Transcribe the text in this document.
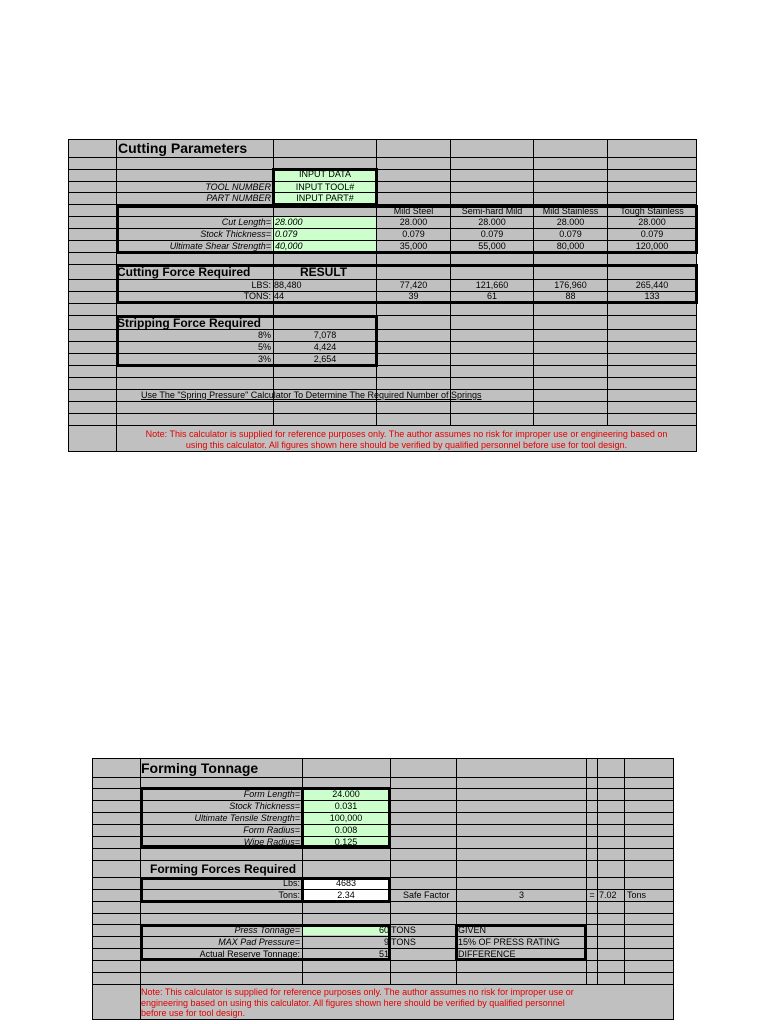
Cutting Parameters
INPUT DATA
TOOL NUMBER	INPUT TOOL#
PART NUMBER	INPUT PART#
Mild Steel	Semi-hard Mild	Mild Stainless	Tough Stainless
Cut Length= 28.000	28.000	28.000	28.000	28.000
Stock Thickness= 0.079	0.079	0.079	0.079	0.079
Ultimate Shear Strength= 40,000	35,000	55,000	80,000	120,000
Cutting Force Required	RESULT
LBS: 88,480	77,420	121,660	176,960	265,440
TONS: 44	39	61	88	133
Stripping Force Required
8%	7,078
5%	4,424
3%	2,654
Use The "Spring Pressure" Calculator To Determine The Required Number of Springs
Note: This calculator is supplied for reference purposes only. The author assumes no risk for improper use or engineering based on
using this calculator. All figures shown here should be verified by qualified personnel before use for tool design.
Forming Tonnage
Form Length=	24.000
Stock Thickness=	0.031
Ultimate Tensile Strength=	100,000
Form Radius=	0.008
Wipe Radius=	0.125
Forming Forces Required
Lbs:	4683
Tons:	2.34	Safe Factor	3	= 7.02 Tons
Press Tonnage=	60 TONS	GIVEN
MAX Pad Pressure=	9 TONS	15% OF PRESS RATING
Actual Reserve Tonnage:	51	DIFFERENCE
Note: This calculator is supplied for reference purposes only. The author assumes no risk for improper use or
engineering based on using this calculator. All figures shown here should be verified by qualified personnel
before use for tool design.
